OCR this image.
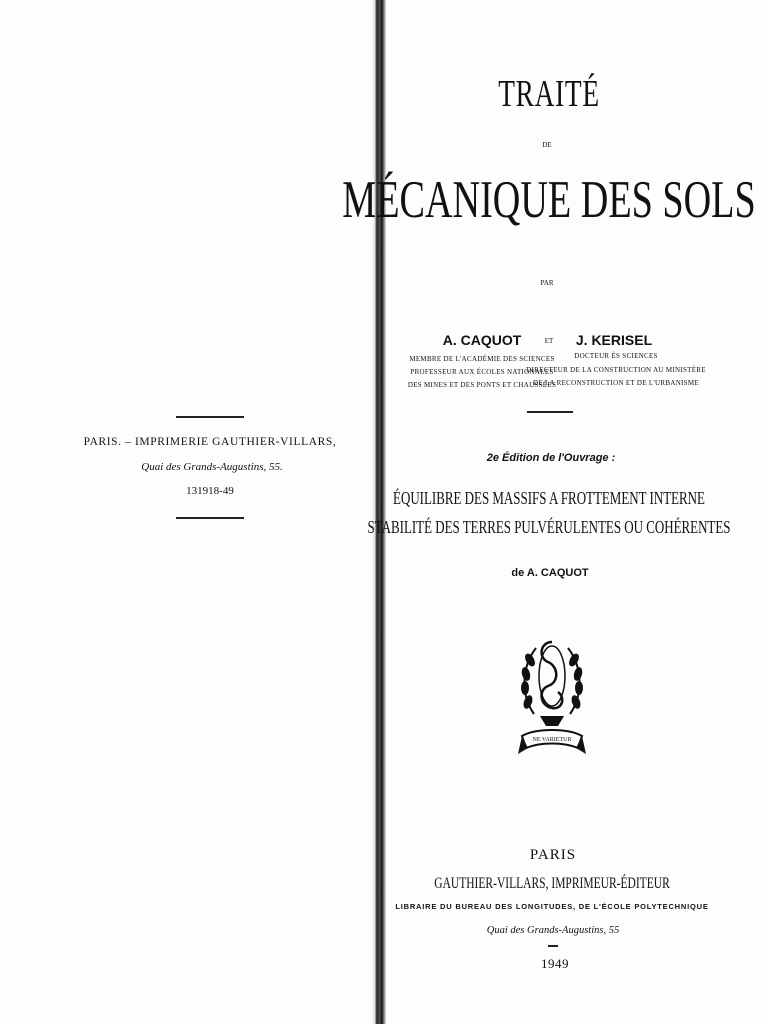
PARIS. – IMPRIMERIE GAUTHIER-VILLARS,
Quai des Grands-Augustins, 55.
131918-49
TRAITÉ
DE
MÉCANIQUE DES SOLS
PAR
A. CAQUOT	ET J. KERISEL
MEMBRE DE L'ACADÉMIE DES SCIENCES
PROFESSEUR AUX ÉCOLES NATIONALES
DES MINES ET DES PONTS ET CHAUSSÉES
DOCTEUR ÈS SCIENCES
DIRECTEUR DE LA CONSTRUCTION AU MINISTÈRE
DE LA RECONSTRUCTION ET DE L'URBANISME
2e Édition de l'Ouvrage :
ÉQUILIBRE DES MASSIFS A FROTTEMENT INTERNE
STABILITÉ DES TERRES PULVÉRULENTES OU COHÉRENTES
de A. CAQUOT
NE VARIETUR
PARIS
GAUTHIER-VILLARS, IMPRIMEUR-ÉDITEUR
LIBRAIRE DU BUREAU DES LONGITUDES, DE L'ÉCOLE POLYTECHNIQUE
Quai des Grands-Augustins, 55
1949
